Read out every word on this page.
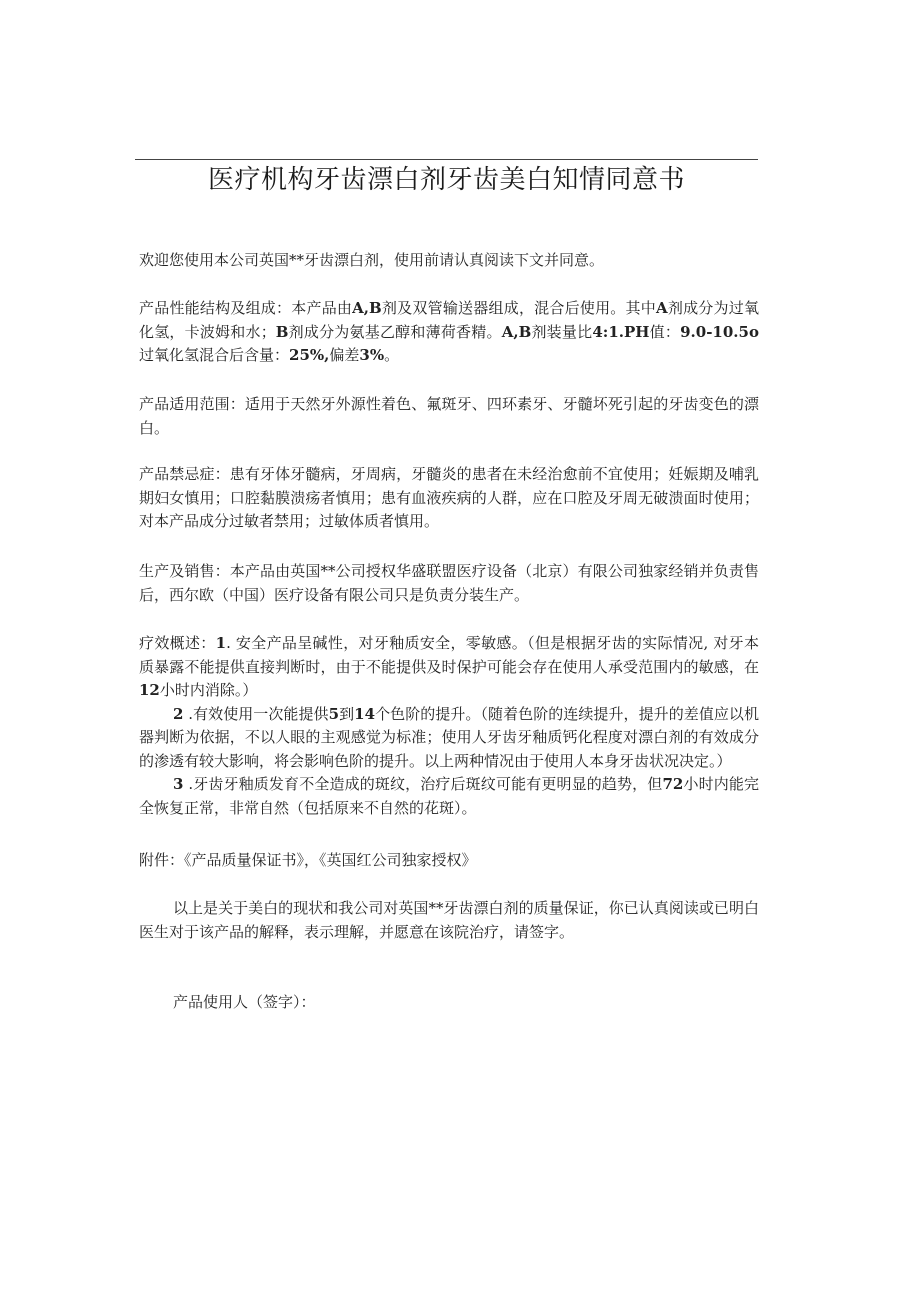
医疗机构牙齿漂白剂牙齿美白知情同意书
欢迎您使用本公司英国**牙齿漂白剂，使用前请认真阅读下文并同意。
产品性能结构及组成：本产品由A,B剂及双管输送器组成，混合后使用。其中A剂成分为过氧化氢，卡波姆和水；B剂成分为氨基乙醇和薄荷香精。A,B剂装量比4:1.PH值：9.0-10.5o过氧化氢混合后含量：25%,偏差3%。
产品适用范围：适用于天然牙外源性着色、氟斑牙、四环素牙、牙髓坏死引起的牙齿变色的漂白。
产品禁忌症：患有牙体牙髓病，牙周病，牙髓炎的患者在未经治愈前不宜使用；妊娠期及哺乳期妇女慎用；口腔黏膜溃疡者慎用；患有血液疾病的人群，应在口腔及牙周无破溃面时使用；对本产品成分过敏者禁用；过敏体质者慎用。
生产及销售：本产品由英国**公司授权华盛联盟医疗设备（北京）有限公司独家经销并负责售后，西尔欧（中国）医疗设备有限公司只是负责分装生产。
疗效概述：1. 安全产品呈碱性，对牙釉质安全，零敏感。（但是根据牙齿的实际情况, 对牙本质暴露不能提供直接判断时，由于不能提供及时保护可能会存在使用人承受范围内的敏感，在12小时内消除。）
2 .有效使用一次能提供5到14个色阶的提升。（随着色阶的连续提升，提升的差值应以机器判断为依据，不以人眼的主观感觉为标准；使用人牙齿牙釉质钙化程度对漂白剂的有效成分的渗透有较大影响，将会影响色阶的提升。以上两种情况由于使用人本身牙齿状况决定。）
3 .牙齿牙釉质发育不全造成的斑纹，治疗后斑纹可能有更明显的趋势，但72小时内能完全恢复正常，非常自然（包括原来不自然的花斑）。
附件：《产品质量保证书》，《英国红公司独家授权》
以上是关于美白的现状和我公司对英国**牙齿漂白剂的质量保证，你已认真阅读或已明白医生对于该产品的解释，表示理解，并愿意在该院治疗，请签字。
产品使用人（签字）：
